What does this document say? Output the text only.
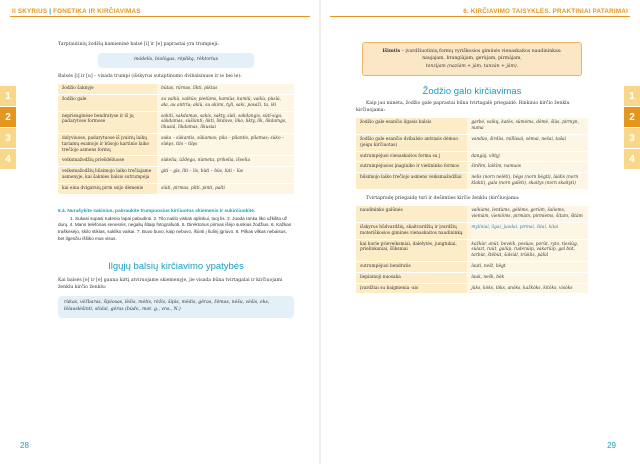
II SKYRIUS | FONETIKA IR KIRČIAVIMAS
1
2
3
4
Tarptautinių žodžių kamieninė balsė [i] ir [e] paprastai yra trumpieji:
módelis, biològas, rèpliką, rèktorius
Balsės [i] ir [u] – visada trumpi (išskyrus sutaptinumo dvibalsinuse ir ie bei ie):
žodžio šaknyje	bùtas, rùrnas, lìkti, pìktas
žodžio gale	su vaikù, vaikùs; pietùms, kamiùs, kamiù, vaikù, pùsìù, ała, au antrìu; akiù, su akimi, tyli, saki, posaži, ta, iki
neprieaginėse bendratyse ir iš jų padarytose formose	sakiti, sakdamas, sakis, sakty, sùti, sakdangis, sùti-siga, sàkdamas, sùšiùnti; likti, likdavo, liko, likty, lik, likdamgs, likusiȧ, likdamas, likusiai
dalyviuose, padarytuose iš įvairių laikų tariamų esamojo ir būsojo kartinio laiko trečiojo asmens formų	suka – sùkantis, sùkamas; pila – pilantis, pilamas; sùko – sùkęs, tilo – tilęs
veiksmažodžių priešdėliuose	sùkelia, ùždega, nùmeta, prikelia, ìšvelia
veiksmažodžių būsimojo laiko trečiajame asmenyje, kai šaknies balsis sutrumpėja	giti – gìs, lìti – lìs, bùti – bùs, lùti – lùs
kai eina dvigarsių pirm ssijo dėmenis	siùti, pirmas, pìlti, pinti, palti
6.4. Nurašykite sakinius, pabraukite trumpuosius kirčiuotus skiemenis ir sukirčiuokite.
1. Sukasi supasi rudenio lapai pabudinti. 2. Tilo nutilo viskas aplinkui, tuoj lis. 3. Juoda ranka liko užkilita už durų. 4. Mano telefonas senesnis, negalių šitaip fotografuoti. 5. Direktorius pirmas išėjo sunkius žodžius. 6. Kažkas traškėsėjo, skilo stiklas, sukliko vaikai. 7. Buvo buvo, kaip nebuvo, išùnti į šulinį įgriuvo. 8. Pilkas vilkas nebaisus, bet ilgesčiu iššiko mus visus.
Ilgųjų balsių kirčiavimo ypatybės
Kai balsės [e] ir [e] gauna kirtį atviruojame skiemenyje, jie visada būna tvirtagalai ir kirčiuojami ženklu kirčio ženklu:
rùkas, vèžbaras, šìpiosas, lèšis, mètis, rèžis, šìpis, mèdis, gèras, žèmas, nèšu, vèšis, eks, lèlauslėšinti, stùlai, gèras (bùdv., mot. g., vns., N.)
28
6. KIRČIAVIMO TAISYKLĖS. PRAKTINIAI PATARIMAI
1
2
3
4
Išimtis – įvardžiuotinių formų vyriškosios giminės vienaskaitos naudininkas: naujajam, brangiàjam, gerùjam, pirmàjam,
tenzìjam (nazìàm + jàm, tanzàn + jàm).
Žodžio galo kirčiavimas
Kaip jau minėta, žodžio gale paprastai būna tvirtagalė priegaidė. Rinkinio kirčio ženklu kirčiuojama:
žodžio gale esančio ilgasis balsis	garbė, vaikų, katès, sùmėms, dèmė, šiùs, pirmyn, numa
žodžio gale esančio dvibalsio antrasis dėmuo (jeigu kirčiuotas)	vandùo, širdùs, millùsai, sèmai, nešai, tašai
sutrumpėjusi vienaskaitos forma su j	dangùj, viltyj
sutrumpėjusios įnaginiko ir vietininko formos	širdim, laikìm, namuos
būsimojo laiko trečiojo asmens veiksmažodžiai	nelis (norn nelèti), bègs (norn bègti), laidis (norn klakti), gala (norn galèti), skaitys (norn skaityti)
Tvirtapradę priegaidę turi ir dešimties kirčio ženklu (kirčiuojama:
naudininko galūnės	vaikùms, lentùms, gėlėms, gerùm, šaliems, viemàm, vieniòms, pirmàm, pirmiems, šitam, šitàm
išskyrus būdvardžių, skaitvardžių ir įvardžių moteriškosios giminės vienaskaitos naudininką	myliniai, ilgai, juodai, pirmai, šitai, kitai
kai kurie prieveiksmiai, dalelytės, jungtukai, prielinksniai, šūksniai	kažkùr, anùt, bevèik, posùas, porùt, ryto, tiesiùg, sùlazt, ruùt, galùp, rudenùip, vakarùip, gal bùt, tarbùt, štèbùt, šalsiàl, trùklis, pàlùl
sutrumpėjusi bendratis	lauti, nešt, bègt
liepiamoji nuosaka	lauk, nešk, bèk
įvardžiai su baigmenia -ais	jùks, kòks, tòks, anòks, kažkòks, kitòks, visòks
29
